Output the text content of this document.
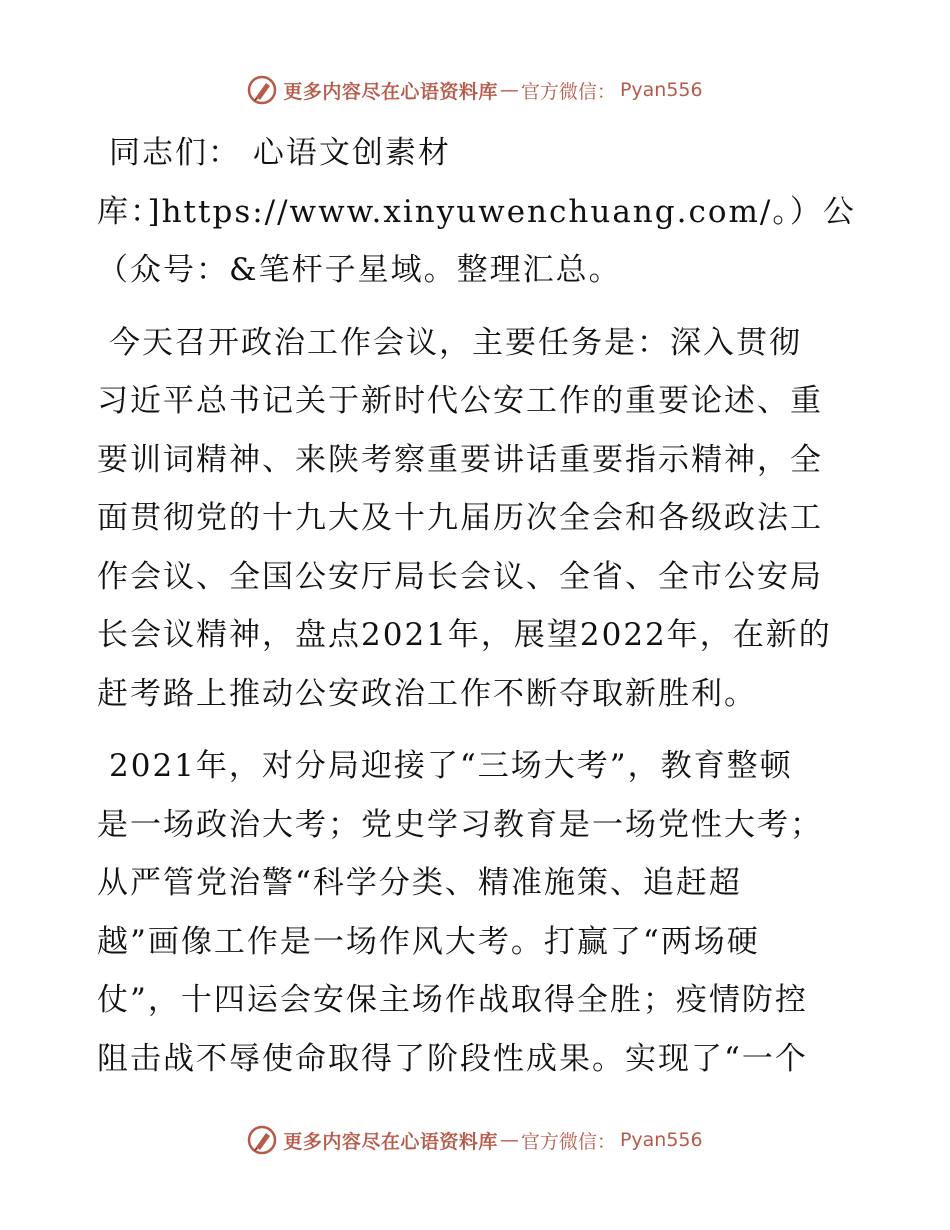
更多内容尽在心语资料库 — 官方微信： Pyan556
同志们： 心语文创素材
库：]https://www.xinyuwenchuang.com/。）公
（众号：&笔杆子星域。整理汇总。
今天召开政治工作会议，主要任务是：深入贯彻
习近平总书记关于新时代公安工作的重要论述、重
要训词精神、来陕考察重要讲话重要指示精神，全
面贯彻党的十九大及十九届历次全会和各级政法工
作会议、全国公安厅局长会议、全省、全市公安局
长会议精神，盘点2021年，展望2022年，在新的
赶考路上推动公安政治工作不断夺取新胜利。
2021年，对分局迎接了“三场大考”，教育整顿
是一场政治大考；党史学习教育是一场党性大考；
从严管党治警“科学分类、精准施策、追赶超
越”画像工作是一场作风大考。打赢了“两场硬
仗”，十四运会安保主场作战取得全胜；疫情防控
阻击战不辱使命取得了阶段性成果。实现了“一个
更多内容尽在心语资料库 — 官方微信： Pyan556
